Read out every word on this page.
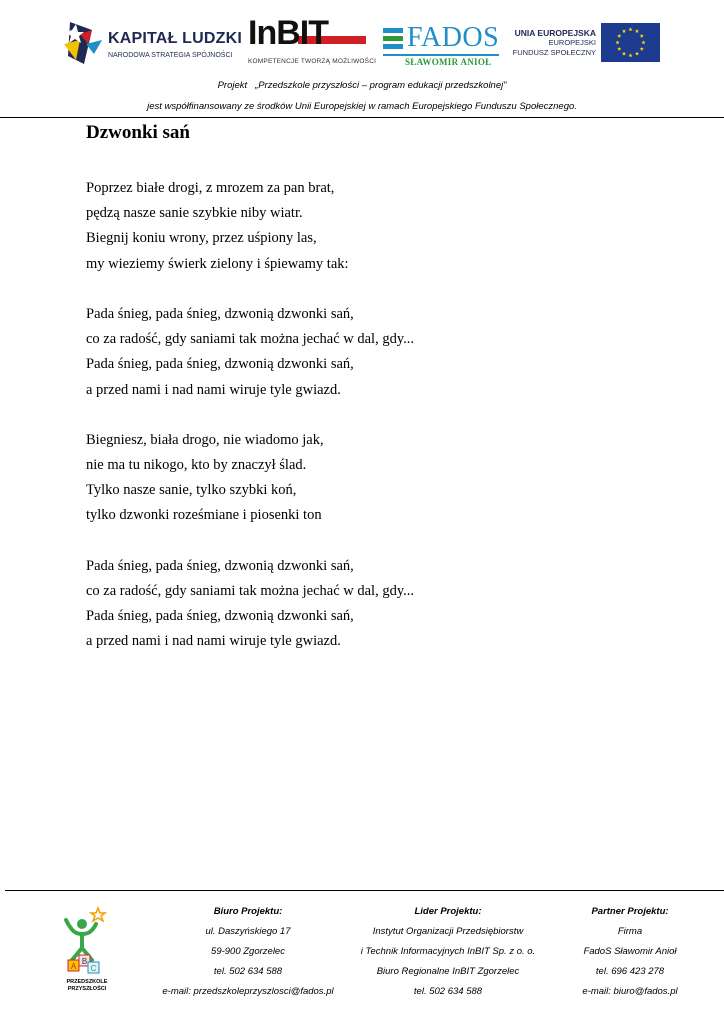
KAPITAŁ LUDZKI
NARODOWA STRATEGIA SPÓJNOŚCI
InBIT
KOMPETENCJE TWORZĄ MOŻLIWOŚCI
FADOS
SŁAWOMIR ANIOŁ
UNIA EUROPEJSKA
EUROPEJSKI
FUNDUSZ SPOŁECZNY
Projekt   „Przedszkole przyszłości – program edukacji przedszkolnej”
jest współfinansowany ze środków Unii Europejskiej w ramach Europejskiego Funduszu Społecznego.
Dzwonki sań
Poprzez białe drogi, z mrozem za pan brat,
pędzą nasze sanie szybkie niby wiatr.
Biegnij koniu wrony, przez uśpiony las,
my wieziemy świerk zielony i śpiewamy tak:
Pada śnieg, pada śnieg, dzwonią dzwonki sań,
co za radość, gdy saniami tak można jechać w dal, gdy...
Pada śnieg, pada śnieg, dzwonią dzwonki sań,
a przed nami i nad nami wiruje tyle gwiazd.
Biegniesz, biała drogo, nie wiadomo jak,
nie ma tu nikogo, kto by znaczył ślad.
Tylko nasze sanie, tylko szybki koń,
tylko dzwonki roześmiane i piosenki ton
Pada śnieg, pada śnieg, dzwonią dzwonki sań,
co za radość, gdy saniami tak można jechać w dal, gdy...
Pada śnieg, pada śnieg, dzwonią dzwonki sań,
a przed nami i nad nami wiruje tyle gwiazd.
A
B
C
PRZEDSZKOLE
PRZYSZŁOŚCI
Biuro Projektu:
ul. Daszyńskiego 17
59-900 Zgorzelec
tel. 502 634 588
e-mail: przedszkoleprzyszlosci@fados.pl
Lider Projektu:
Instytut Organizacji Przedsiębiorstw
i Technik Informacyjnych InBIT Sp. z o. o.
Biuro Regionalne InBIT Zgorzelec
tel. 502 634 588
Partner Projektu:
Firma
FadoS Sławomir Anioł
tel. 696 423 278
e-mail: biuro@fados.pl
